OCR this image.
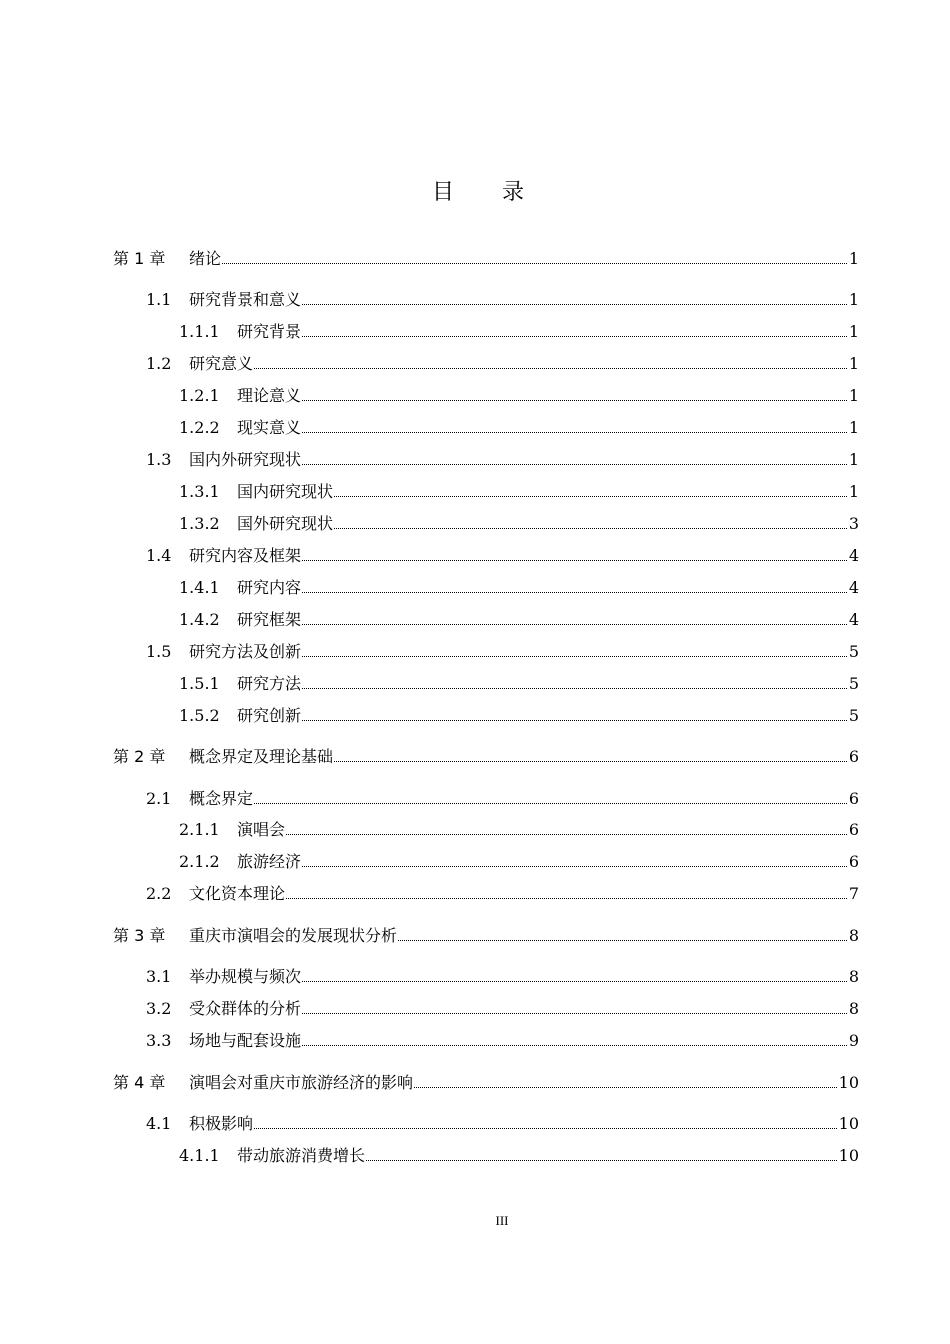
目录
第 1 章 绪论	1
1.1 研究背景和意义	1
1.1.1 研究背景	1
1.2 研究意义	1
1.2.1 理论意义	1
1.2.2 现实意义	1
1.3 国内外研究现状	1
1.3.1 国内研究现状	1
1.3.2 国外研究现状	3
1.4 研究内容及框架	4
1.4.1 研究内容	4
1.4.2 研究框架	4
1.5 研究方法及创新	5
1.5.1 研究方法	5
1.5.2 研究创新	5
第 2 章 概念界定及理论基础	6
2.1 概念界定	6
2.1.1 演唱会	6
2.1.2 旅游经济	6
2.2 文化资本理论	7
第 3 章 重庆市演唱会的发展现状分析	8
3.1 举办规模与频次	8
3.2 受众群体的分析	8
3.3 场地与配套设施	9
第 4 章 演唱会对重庆市旅游经济的影响	10
4.1 积极影响	10
4.1.1 带动旅游消费增长	10
III
